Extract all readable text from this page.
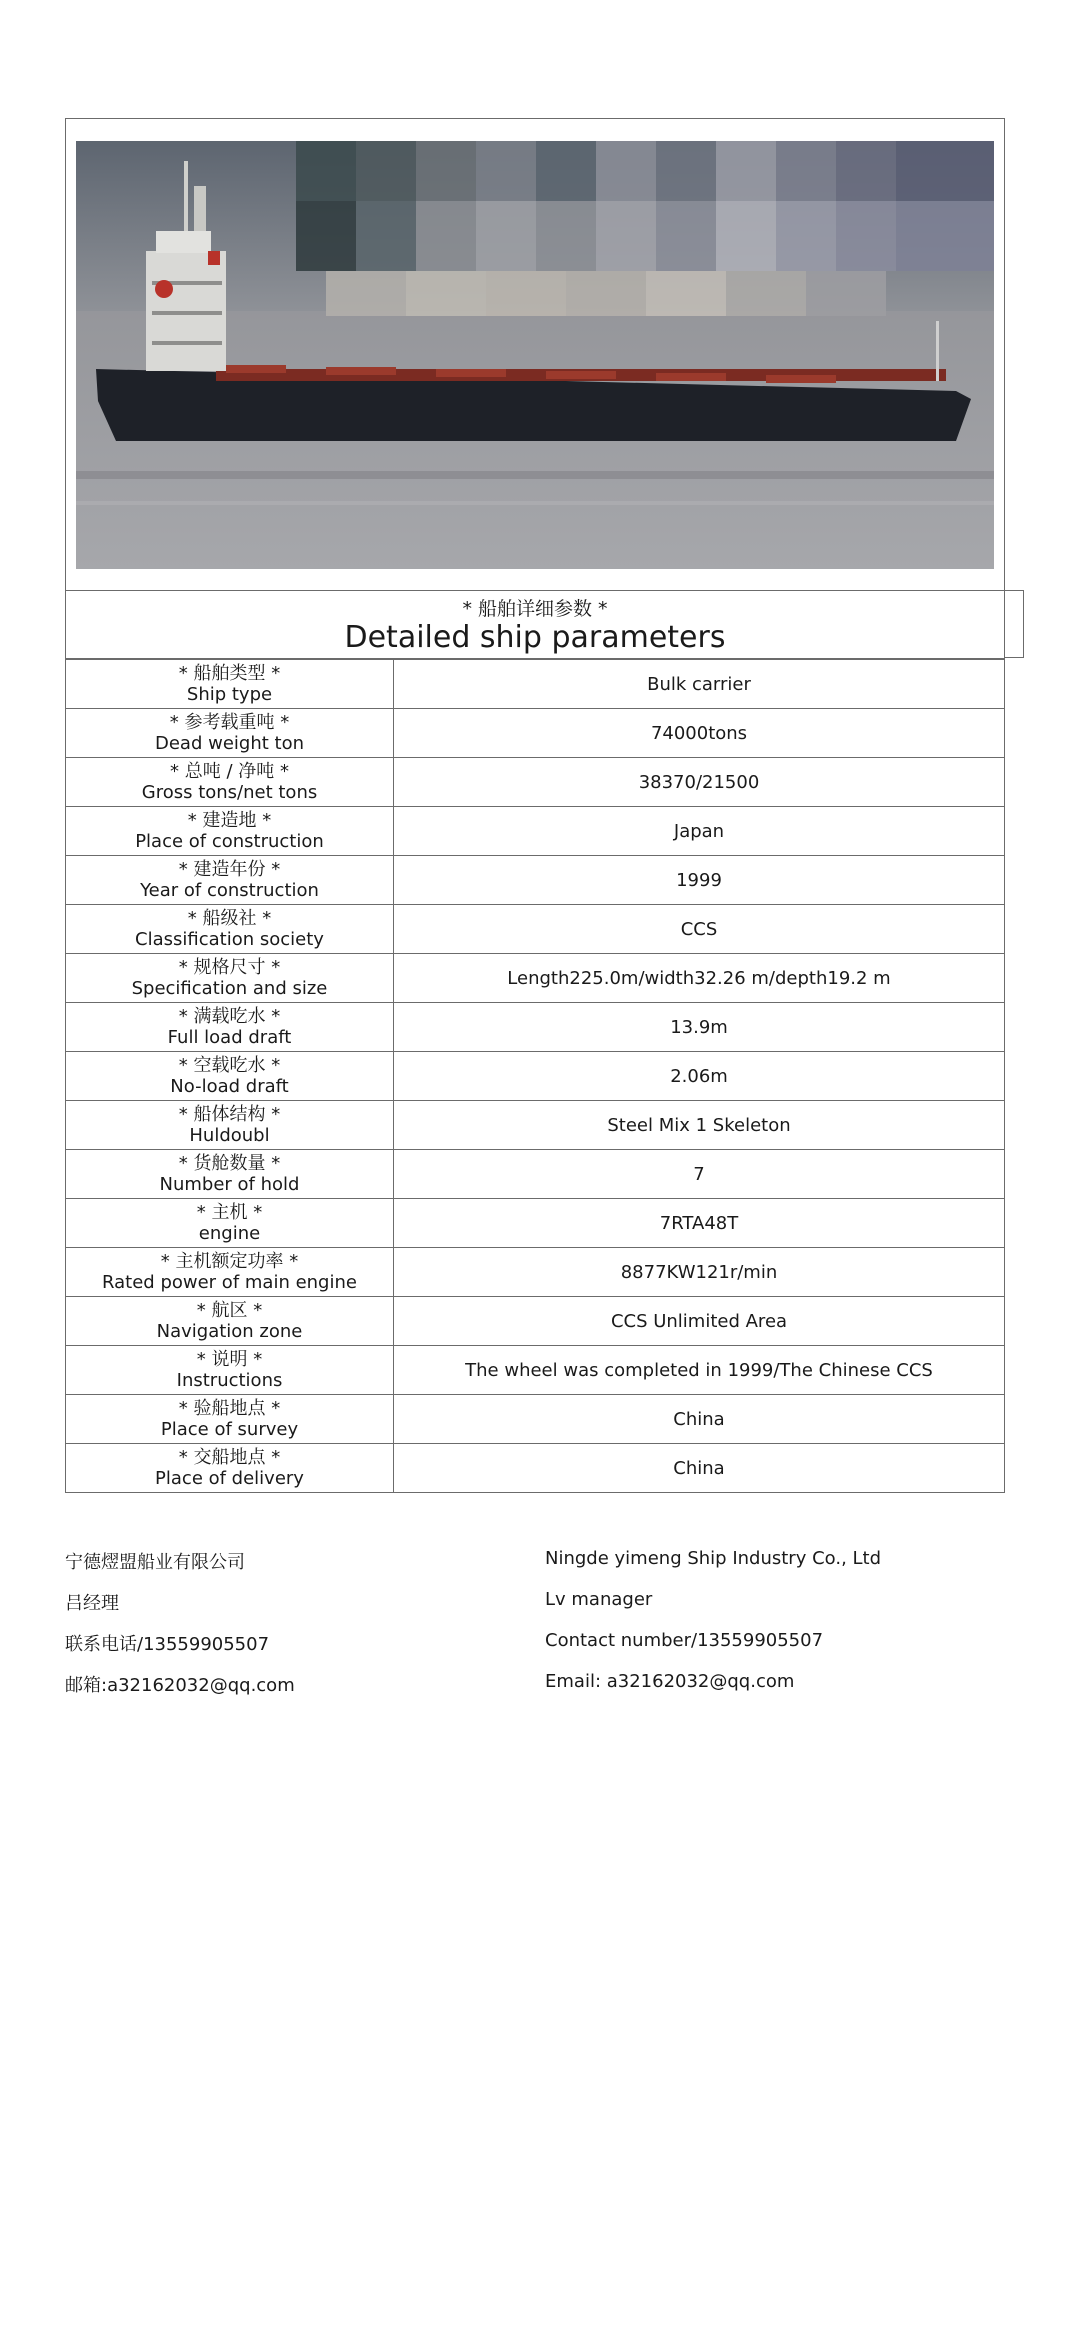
* 船舶详细参数 *
Detailed ship parameters
* 船舶类型 *
Ship type	Bulk carrier

* 参考载重吨 *
Dead weight ton	74000tons

* 总吨 / 净吨 *
Gross tons/net tons	38370/21500

* 建造地 *
Place of construction	Japan

* 建造年份 *
Year of construction	1999

* 船级社 *
Classification society	CCS

* 规格尺寸 *
Specification and size	Length225.0m/width32.26 m/depth19.2 m

* 满载吃水 *
Full load draft	13.9m

* 空载吃水 *
No-load draft	2.06m

* 船体结构 *
Huldoubl	Steel Mix 1 Skeleton

* 货舱数量 *
Number of hold	7

* 主机 *
engine	7RTA48T

* 主机额定功率 *
Rated power of main engine	8877KW121r/min

* 航区 *
Navigation zone	CCS Unlimited Area

* 说明 *
Instructions	The wheel was completed in 1999/The Chinese CCS

* 验船地点 *
Place of survey	China

* 交船地点 *
Place of delivery	China
宁德熤盟船业有限公司	Ningde yimeng Ship Industry Co., Ltd
吕经理	Lv manager
联系电话/13559905507	Contact number/13559905507
邮箱:a32162032@qq.com	Email: a32162032@qq.com
